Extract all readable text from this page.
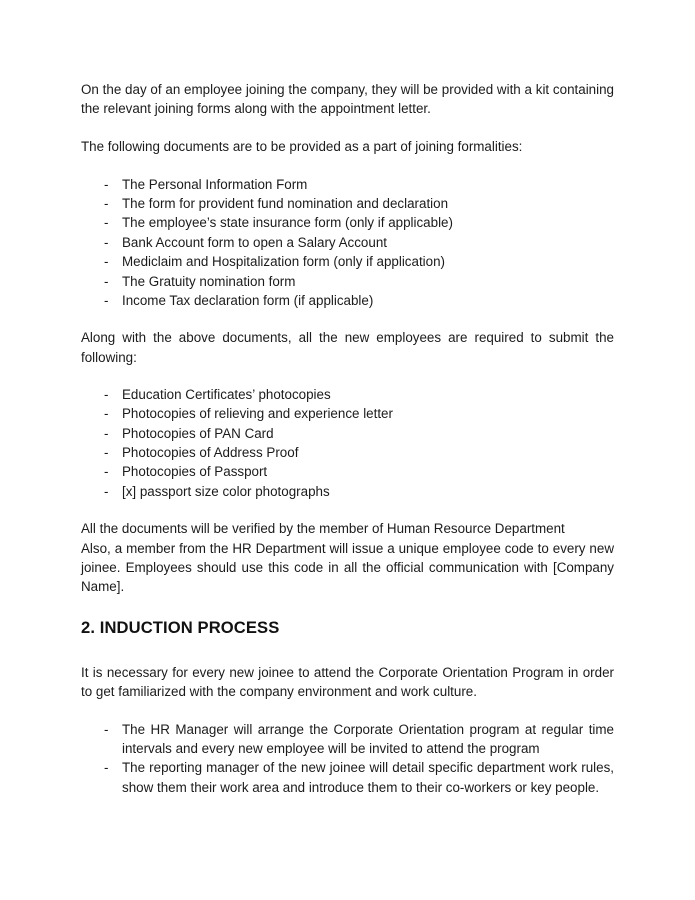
On the day of an employee joining the company, they will be provided with a kit containing the relevant joining forms along with the appointment letter.

The following documents are to be provided as a part of joining formalities:

-	The Personal Information Form
-	The form for provident fund nomination and declaration
-	The employee’s state insurance form (only if applicable)
-	Bank Account form to open a Salary Account
-	Mediclaim and Hospitalization form (only if application)
-	The Gratuity nomination form
-	Income Tax declaration form (if applicable)

Along with the above documents, all the new employees are required to submit the following:

-	Education Certificates’ photocopies
-	Photocopies of relieving and experience letter
-	Photocopies of PAN Card
-	Photocopies of Address Proof
-	Photocopies of Passport
-	[x] passport size color photographs

All the documents will be verified by the member of Human Resource Department

Also, a member from the HR Department will issue a unique employee code to every new joinee. Employees should use this code in all the official communication with [Company Name].

2. INDUCTION PROCESS

It is necessary for every new joinee to attend the Corporate Orientation Program in order to get familiarized with the company environment and work culture.

-	The HR Manager will arrange the Corporate Orientation program at regular time intervals and every new employee will be invited to attend the program
-	The reporting manager of the new joinee will detail specific department work rules, show them their work area and introduce them to their co-workers or key people.
